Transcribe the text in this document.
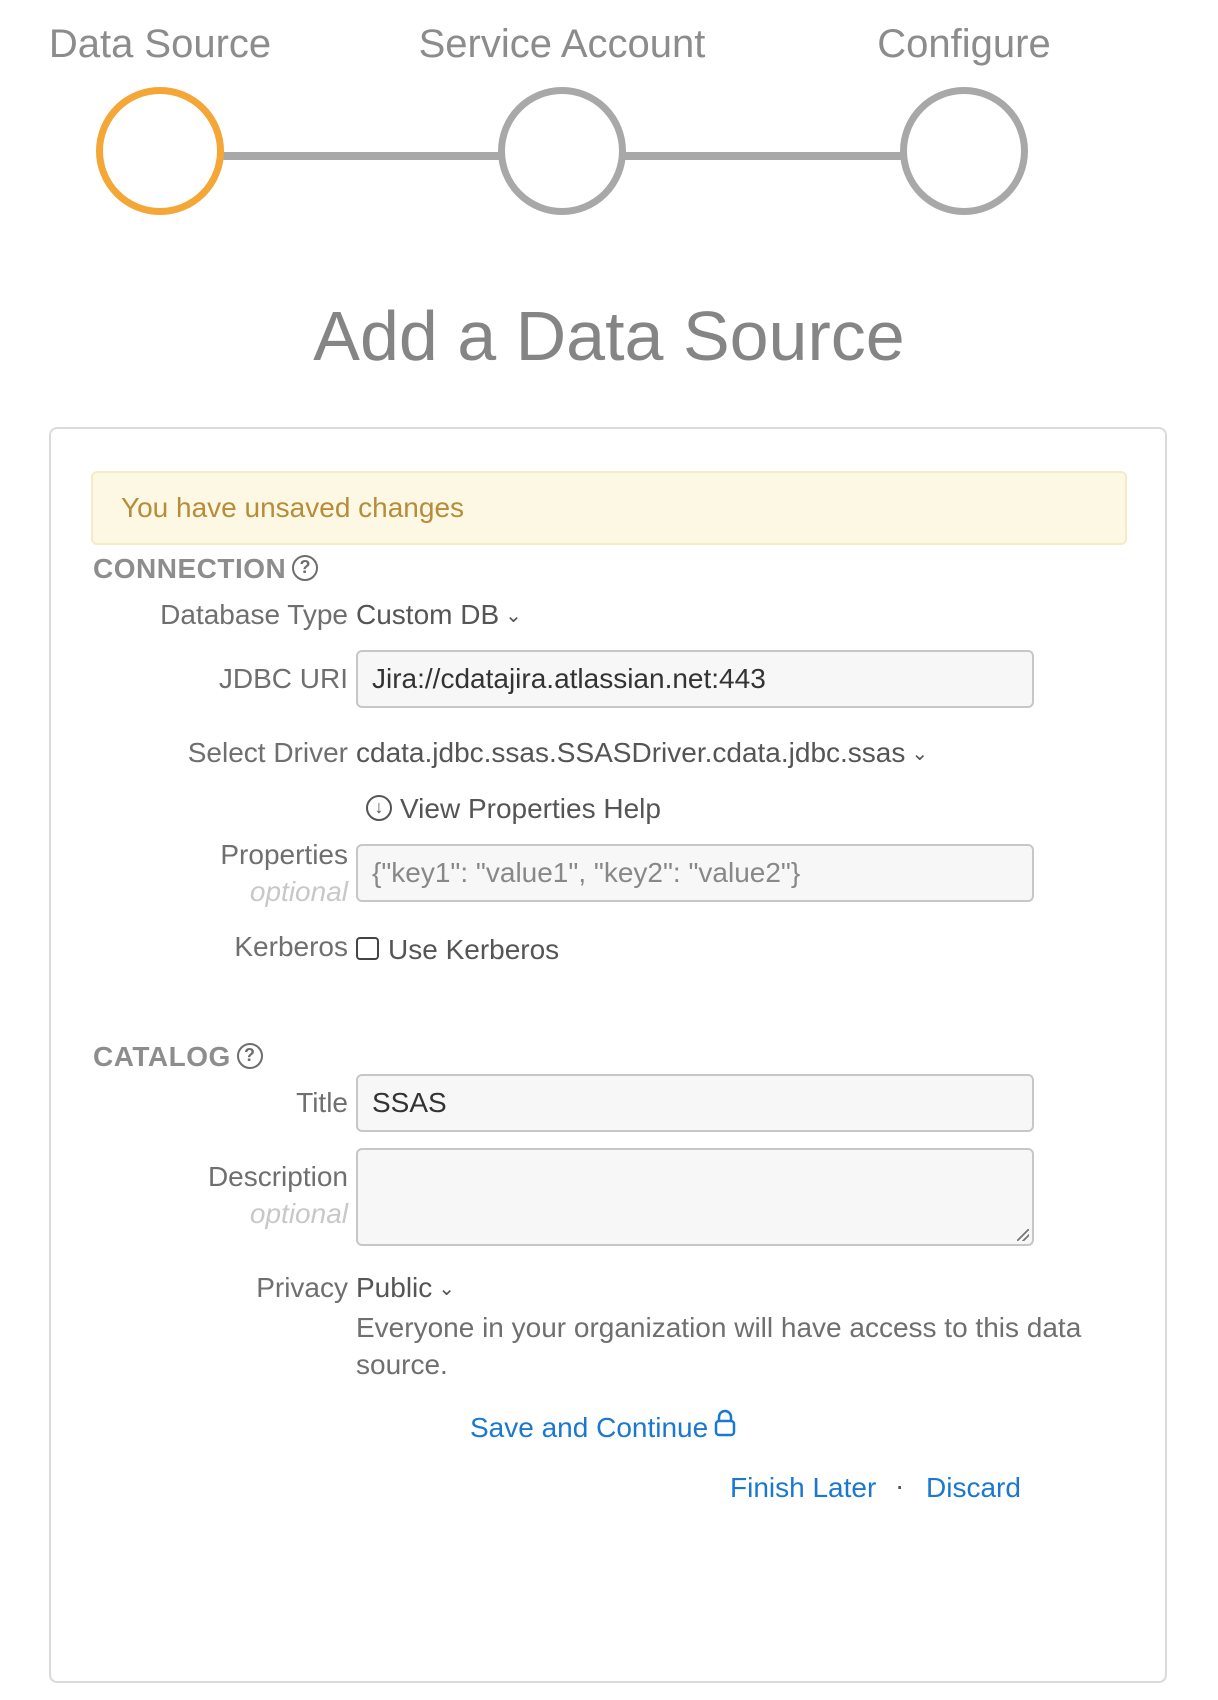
Data Source	Service Account	Configure
Add a Data Source
You have unsaved changes
CONNECTION ?
Database Type Custom DB ⌄
JDBC URI Jira://cdatajira.atlassian.net:443
Select Driver cdata.jdbc.ssas.SSASDriver.cdata.jdbc.ssas ⌄
↓ View Properties Help
Properties
optional
{"key1": "value1", "key2": "value2"}
Kerberos	Use Kerberos
CATALOG ?
Title SSAS
Description
optional
Privacy Public ⌄
Everyone in your organization will have access to this data source.
Save and Continue
Finish Later · Discard
